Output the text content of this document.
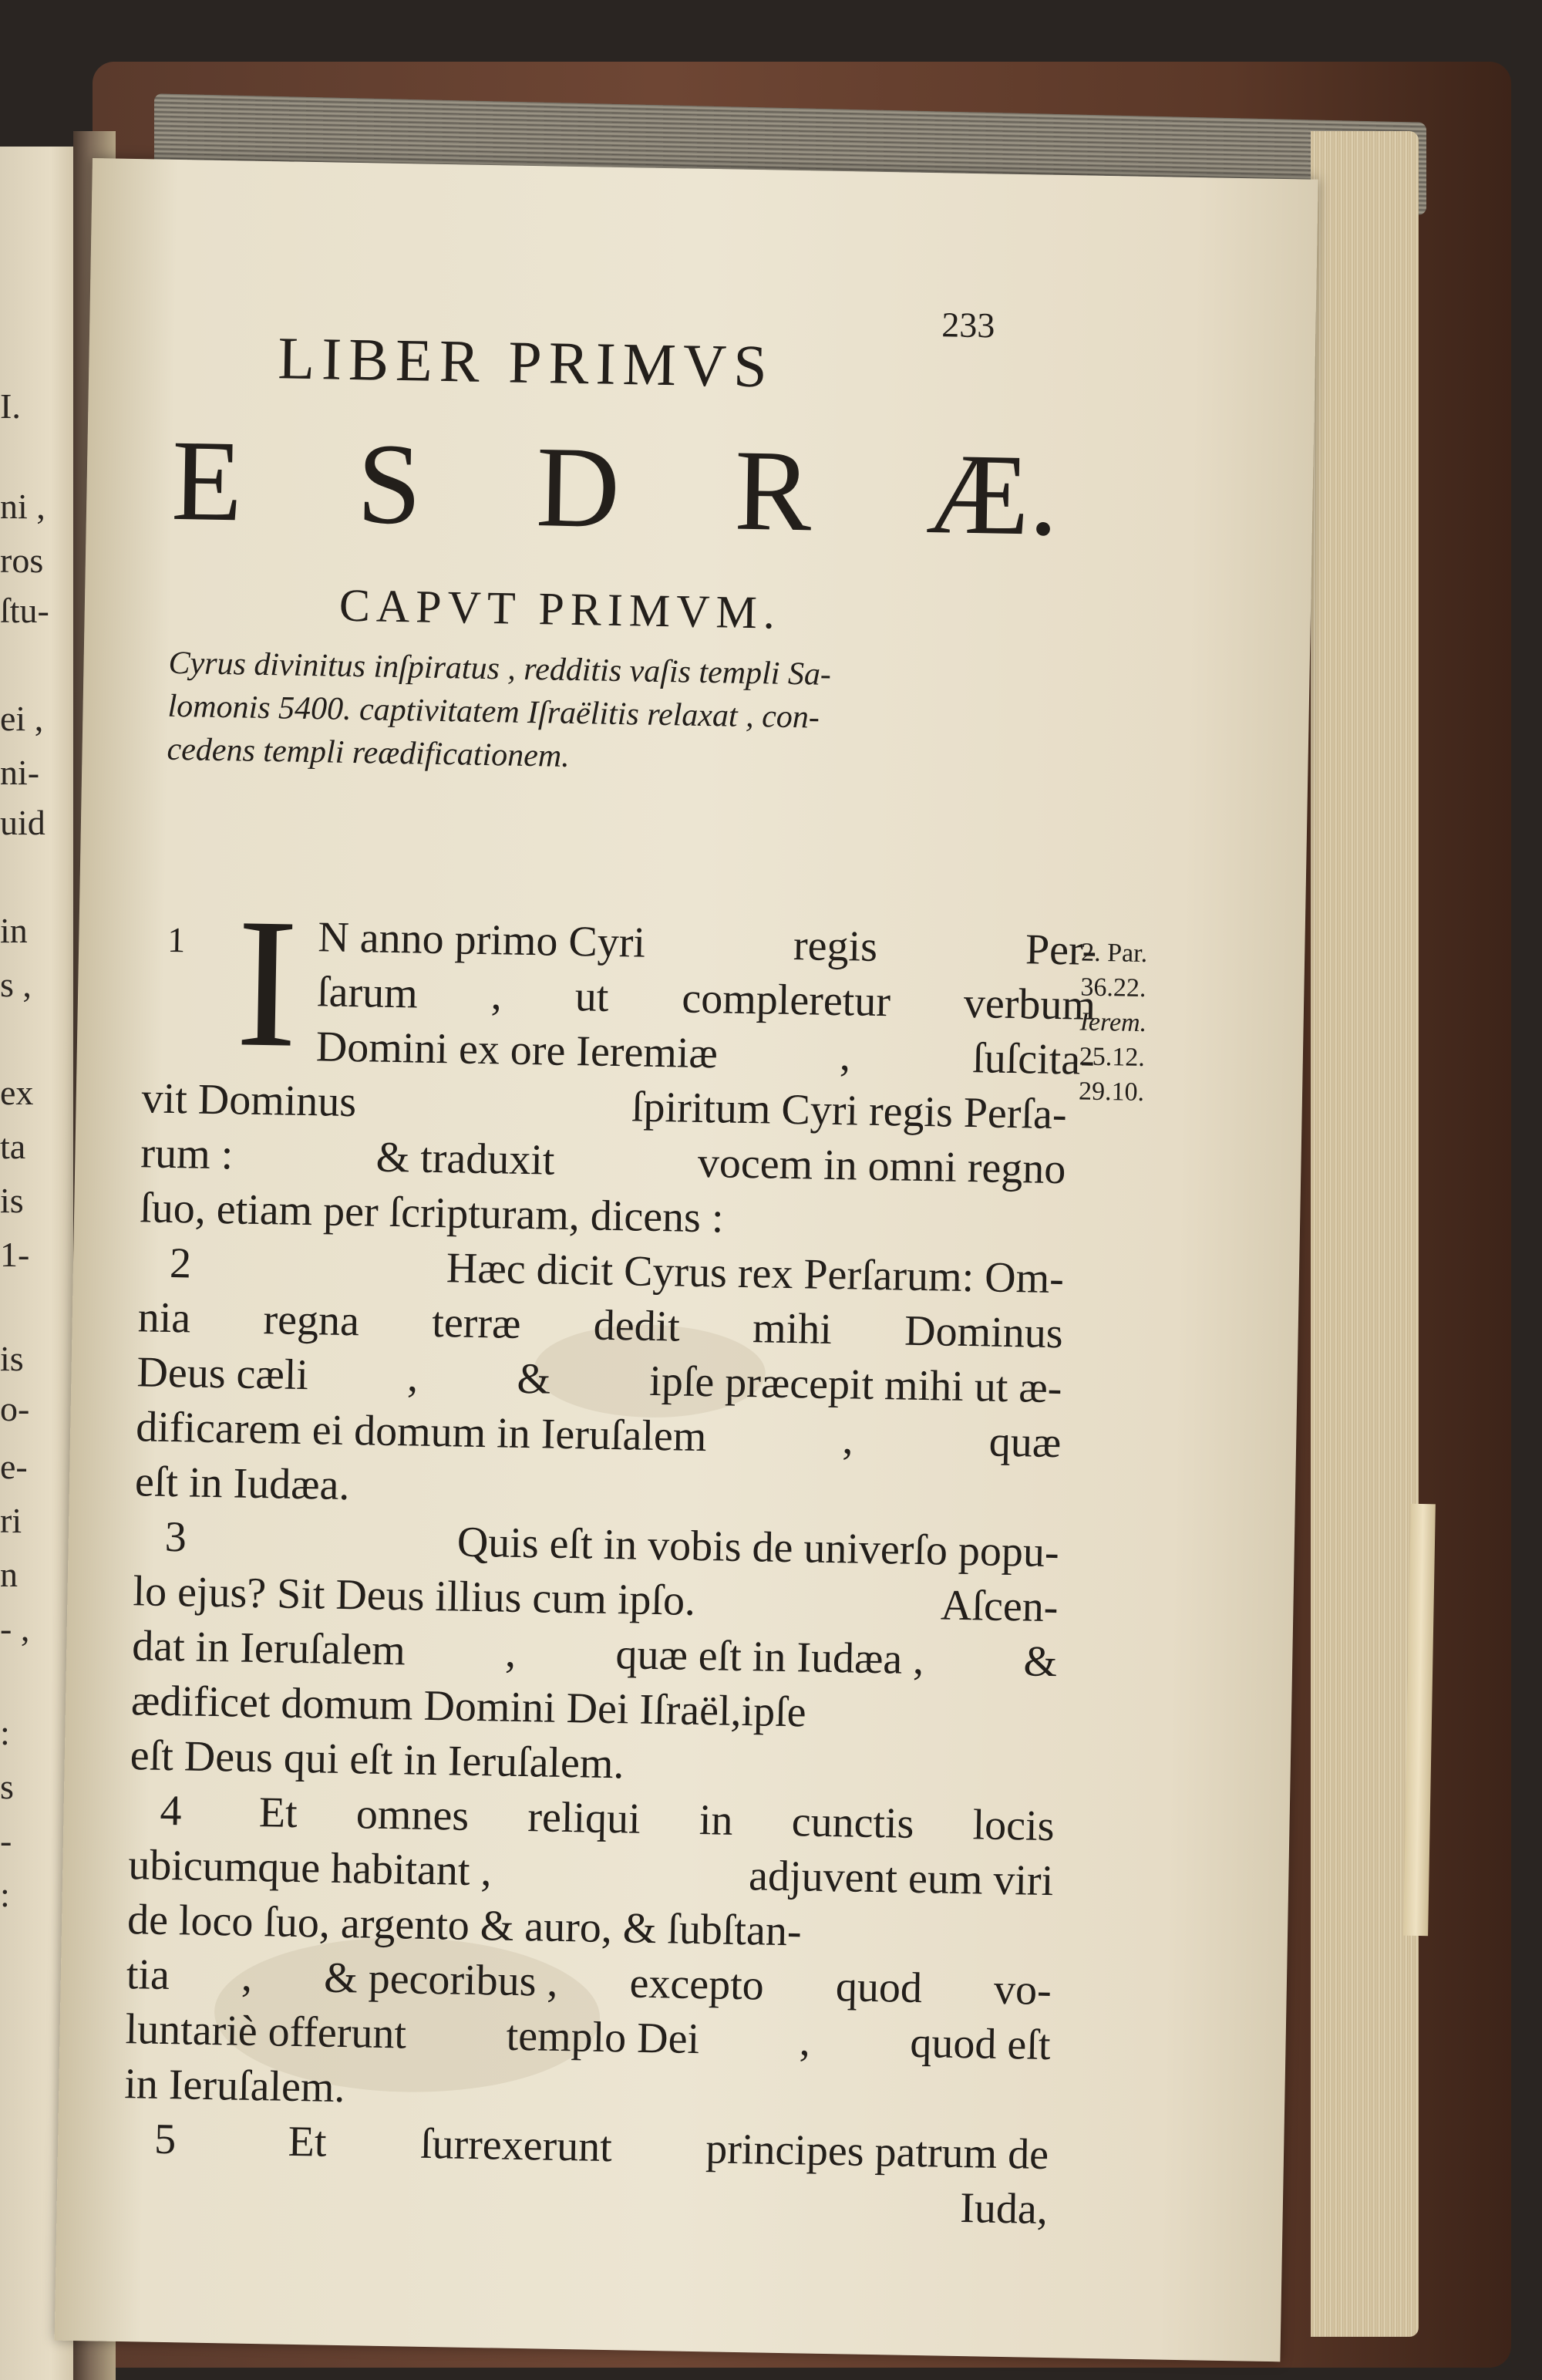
I.
ni ,
ros
ſtu-
ei ,
ni-
uid
in
s ,
ex
ta
is
1-
is
o-
e-
ri
n
- ,
:
s
-
:
233
LIBER PRIMVS
E S D R Æ.
CAPVT PRIMVM.
Cyrus divinitus inſpiratus , redditis vaſis templi Sa-
lomonis 5400. captivitatem Iſraëlitis relaxat , con-
cedens templi reædificationem.
1 I N anno primo Cyri	regis	Per-
ſarum , ut compleretur verbum
Domini ex ore Ieremiæ	,	ſuſcita-
vit Dominus	ſpiritum Cyri regis Perſa-
rum :	& traduxit	vocem in omni regno
ſuo, etiam per ſcripturam, dicens :
2	Hæc dicit Cyrus rex Perſarum: Om-
nia regna terræ dedit mihi Dominus
Deus cæli , & ipſe præcepit mihi ut æ-
dificarem ei domum in Ieruſalem	,	quæ
eſt in Iudæa.
3	Quis eſt in vobis de univerſo popu-
lo ejus? Sit Deus illius cum ipſo.	Aſcen-
dat in Ieruſalem , quæ eſt in Iudæa , &
ædificet domum Domini Dei Iſraël,ipſe
eſt Deus qui eſt in Ieruſalem.
4 Et omnes reliqui in cunctis locis
ubicumque habitant ,	adjuvent eum viri
de loco ſuo, argento & auro, & ſubſtan-
tia , & pecoribus , excepto quod vo-
luntariè offerunt templo Dei , quod eſt
in Ieruſalem.
5	Et ſurrexerunt principes patrum de
Iuda,
2. Par.
36.22.
Ierem.
25.12.
29.10.
